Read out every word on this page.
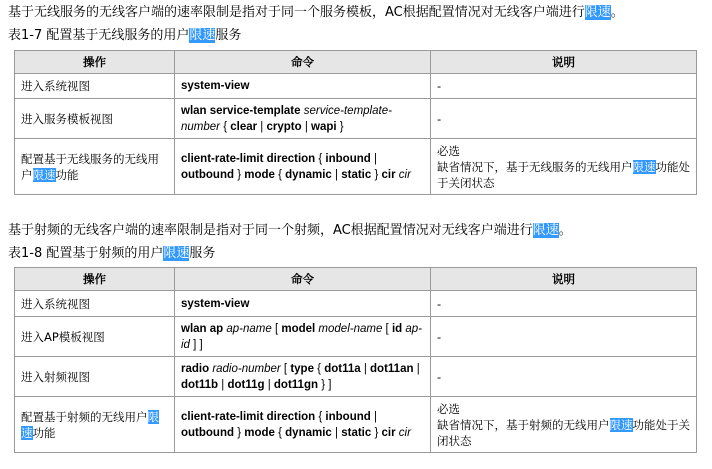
基于无线服务的无线客户端的速率限制是指对于同一个服务模板，AC根据配置情况对无线客户端进行限速。
表1-7 配置基于无线服务的用户限速服务
操作	命令	说明
进入系统视图	system-view	-
进入服务模板视图	wlan service-template service-template-number { clear | crypto | wapi }	-
配置基于无线服务的无线用户限速功能	client-rate-limit direction { inbound | outbound } mode { dynamic | static } cir cir	必选
缺省情况下，基于无线服务的无线用户限速功能处于关闭状态
基于射频的无线客户端的速率限制是指对于同一个射频，AC根据配置情况对无线客户端进行限速。
表1-8 配置基于射频的用户限速服务
操作	命令	说明
进入系统视图	system-view	-
进入AP模板视图	wlan ap ap-name [ model model-name [ id ap-id ] ]	-
进入射频视图	radio radio-number [ type { dot11a | dot11an | dot11b | dot11g | dot11gn } ]	-
配置基于射频的无线用户限速功能	client-rate-limit direction { inbound | outbound } mode { dynamic | static } cir cir	必选
缺省情况下，基于射频的无线用户限速功能处于关闭状态
